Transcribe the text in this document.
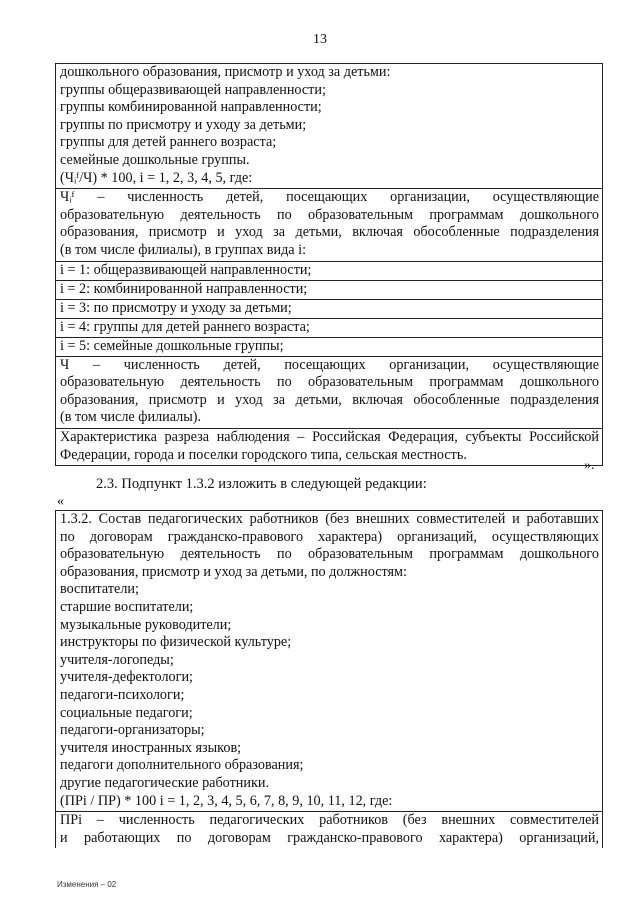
13
дошкольного образования, присмотр и уход за детьми:
группы общеразвивающей направленности;
группы комбинированной направленности;
группы по присмотру и уходу за детьми;
группы для детей раннего возраста;
семейные дошкольные группы.
(Чᵢᶠ/Ч) * 100, i = 1, 2, 3, 4, 5, где:
Чᵢᶠ – численность детей, посещающих организации, осуществляющие
образовательную деятельность по образовательным программам дошкольного
образования, присмотр и уход за детьми, включая обособленные подразделения
(в том числе филиалы), в группах вида i:
i = 1: общеразвивающей направленности;
i = 2: комбинированной направленности;
i = 3: по присмотру и уходу за детьми;
i = 4: группы для детей раннего возраста;
i = 5: семейные дошкольные группы;
Ч – численность детей, посещающих организации, осуществляющие
образовательную деятельность по образовательным программам дошкольного
образования, присмотр и уход за детьми, включая обособленные подразделения
(в том числе филиалы).
Характеристика разреза наблюдения – Российская Федерация, субъекты Российской
Федерации, города и поселки городского типа, сельская местность.
».
2.3. Подпункт 1.3.2 изложить в следующей редакции:
«
1.3.2. Состав педагогических работников (без внешних совместителей и работавших
по договорам гражданско-правового характера) организаций, осуществляющих
образовательную деятельность по образовательным программам дошкольного
образования, присмотр и уход за детьми, по должностям:
воспитатели;
старшие воспитатели;
музыкальные руководители;
инструкторы по физической культуре;
учителя-логопеды;
учителя-дефектологи;
педагоги-психологи;
социальные педагоги;
педагоги-организаторы;
учителя иностранных языков;
педагоги дополнительного образования;
другие педагогические работники.
(ПРi / ПР) * 100 i = 1, 2, 3, 4, 5, 6, 7, 8, 9, 10, 11, 12, где:
ПРi – численность педагогических работников (без внешних совместителей
и работающих по договорам гражданско-правового характера) организаций,
Изменения – 02
